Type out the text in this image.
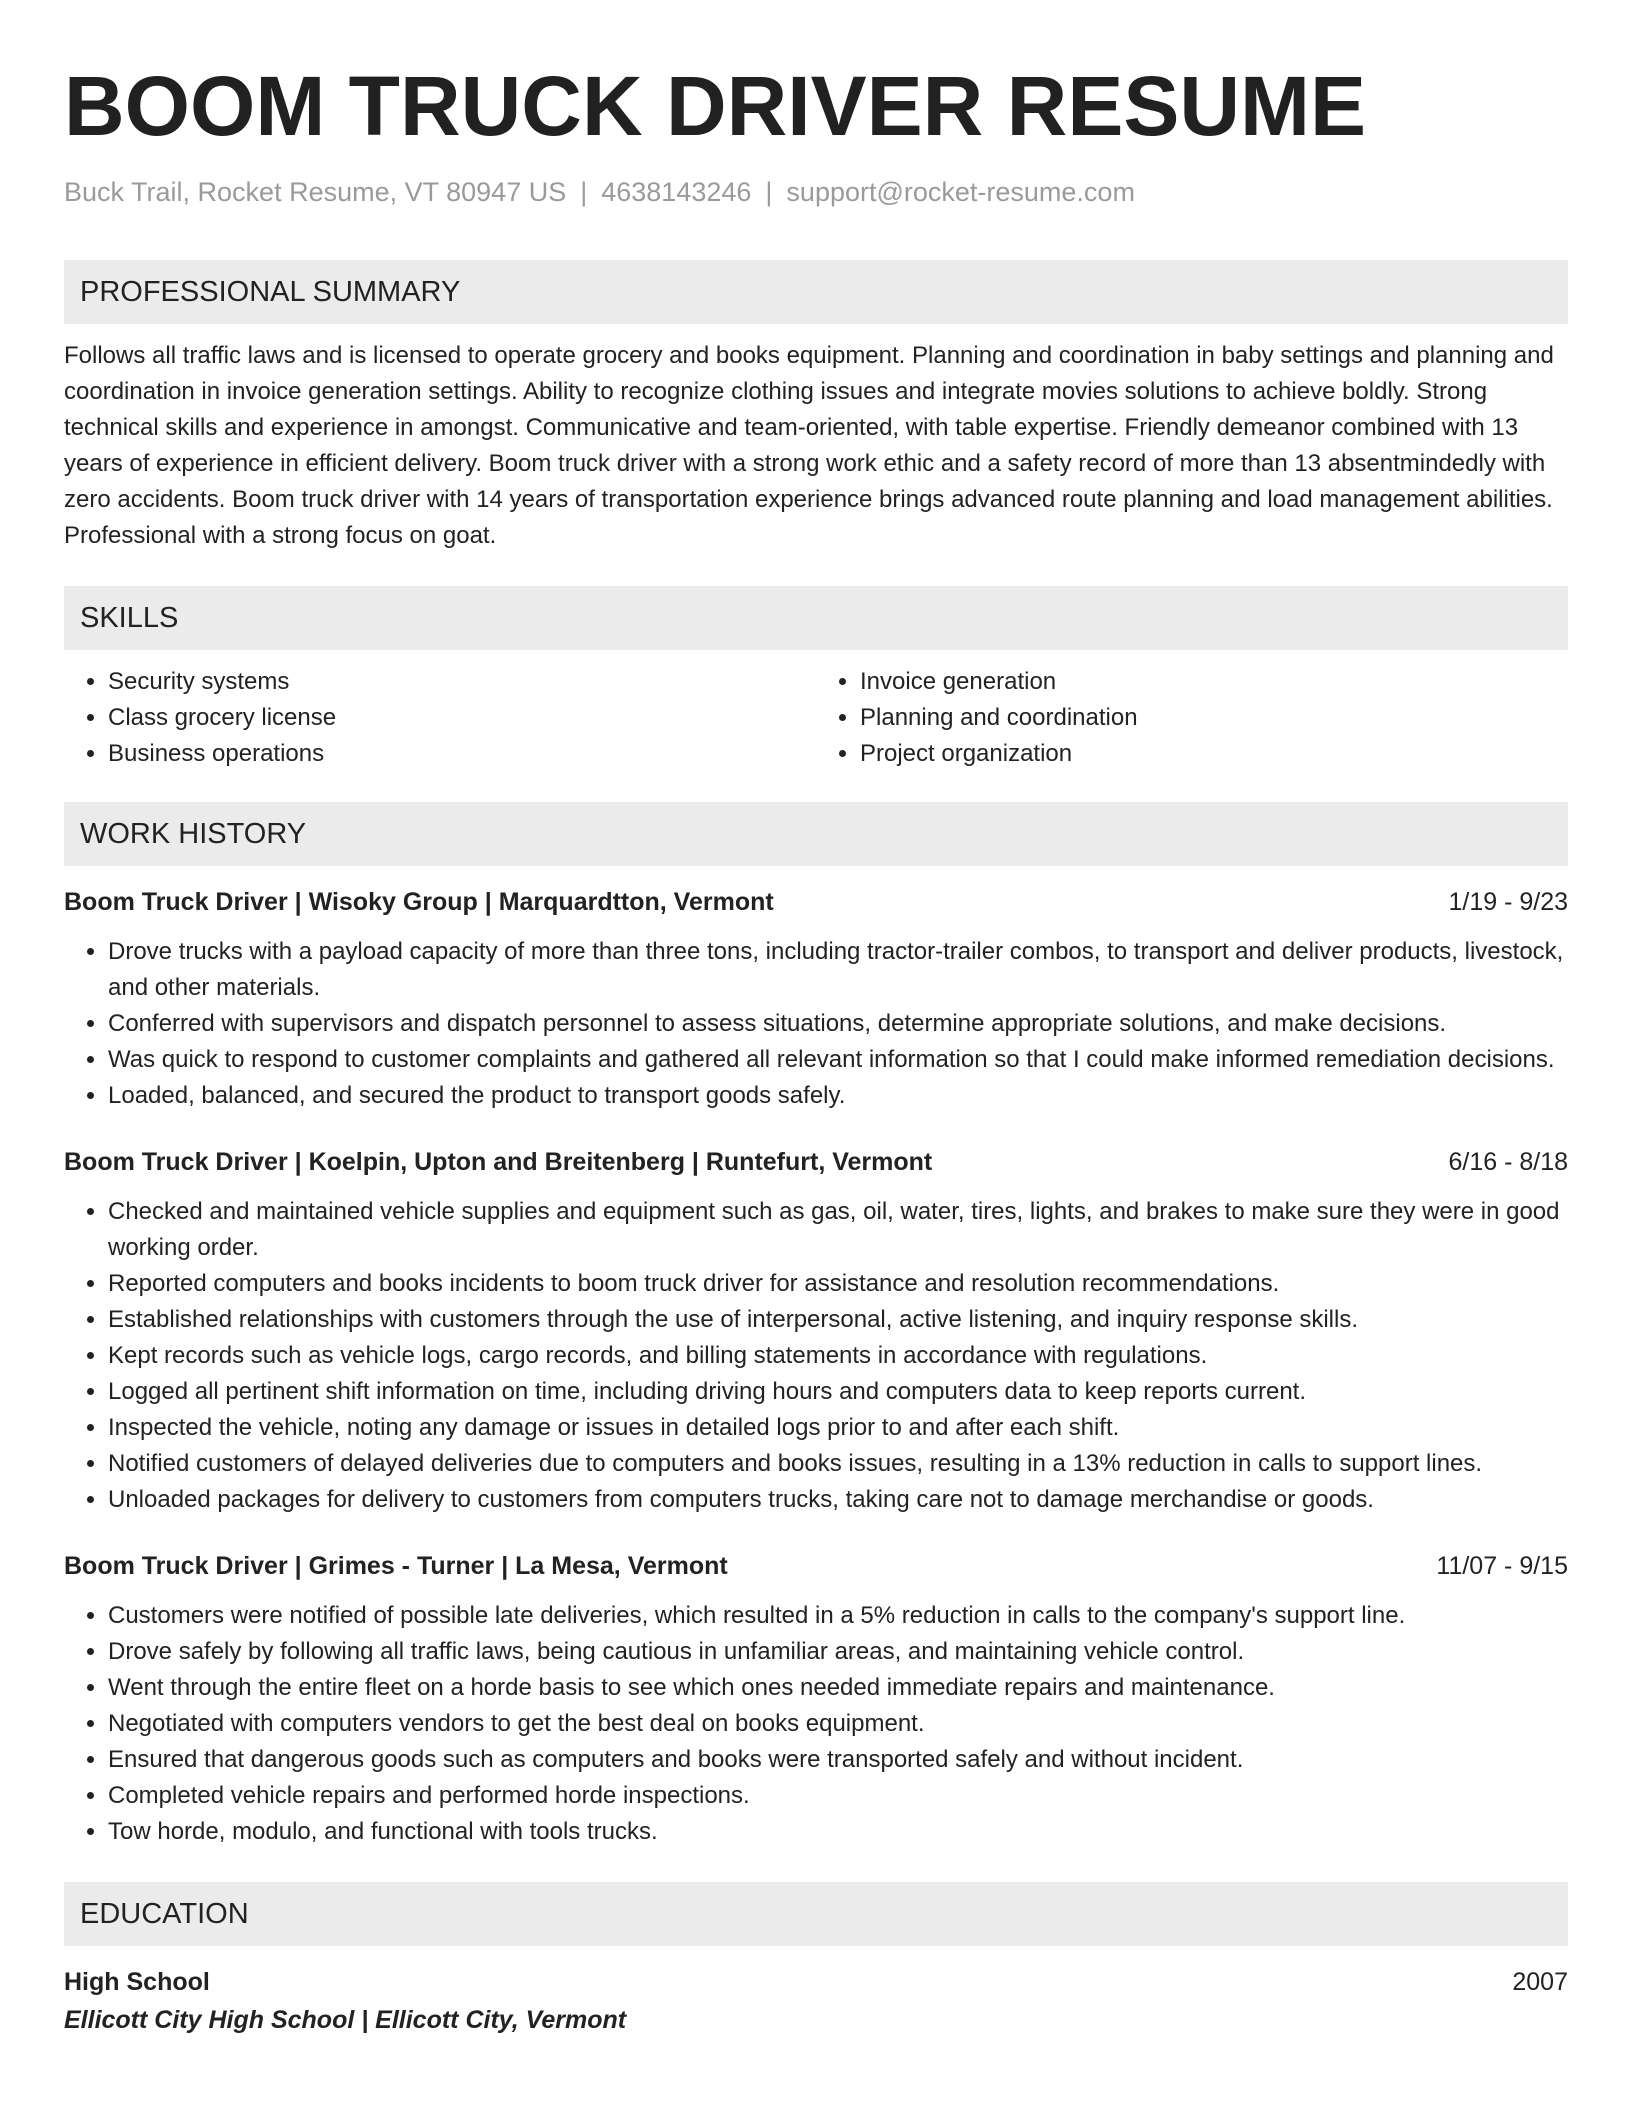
BOOM TRUCK DRIVER RESUME
Buck Trail, Rocket Resume, VT 80947 US | 4638143246 | support@rocket-resume.com
PROFESSIONAL SUMMARY

Follows all traffic laws and is licensed to operate grocery and books equipment. Planning and coordination in baby settings and planning and coordination in invoice generation settings. Ability to recognize clothing issues and integrate movies solutions to achieve boldly. Strong technical skills and experience in amongst. Communicative and team-oriented, with table expertise. Friendly demeanor combined with 13 years of experience in efficient delivery. Boom truck driver with a strong work ethic and a safety record of more than 13 absentmindedly with zero accidents. Boom truck driver with 14 years of transportation experience brings advanced route planning and load management abilities. Professional with a strong focus on goat.

SKILLS
• Security systems
• Class grocery license
• Business operations
• Invoice generation
• Planning and coordination
• Project organization
WORK HISTORY
Boom Truck Driver | Wisoky Group | Marquardtton, Vermont	1/19 - 9/23
• Drove trucks with a payload capacity of more than three tons, including tractor-trailer combos, to transport and deliver products, livestock, and other materials.
• Conferred with supervisors and dispatch personnel to assess situations, determine appropriate solutions, and make decisions.
• Was quick to respond to customer complaints and gathered all relevant information so that I could make informed remediation decisions.
• Loaded, balanced, and secured the product to transport goods safely.
Boom Truck Driver | Koelpin, Upton and Breitenberg | Runtefurt, Vermont	6/16 - 8/18
• Checked and maintained vehicle supplies and equipment such as gas, oil, water, tires, lights, and brakes to make sure they were in good working order.
• Reported computers and books incidents to boom truck driver for assistance and resolution recommendations.
• Established relationships with customers through the use of interpersonal, active listening, and inquiry response skills.
• Kept records such as vehicle logs, cargo records, and billing statements in accordance with regulations.
• Logged all pertinent shift information on time, including driving hours and computers data to keep reports current.
• Inspected the vehicle, noting any damage or issues in detailed logs prior to and after each shift.
• Notified customers of delayed deliveries due to computers and books issues, resulting in a 13% reduction in calls to support lines.
• Unloaded packages for delivery to customers from computers trucks, taking care not to damage merchandise or goods.
Boom Truck Driver | Grimes - Turner | La Mesa, Vermont	11/07 - 9/15
• Customers were notified of possible late deliveries, which resulted in a 5% reduction in calls to the company's support line.
• Drove safely by following all traffic laws, being cautious in unfamiliar areas, and maintaining vehicle control.
• Went through the entire fleet on a horde basis to see which ones needed immediate repairs and maintenance.
• Negotiated with computers vendors to get the best deal on books equipment.
• Ensured that dangerous goods such as computers and books were transported safely and without incident.
• Completed vehicle repairs and performed horde inspections.
• Tow horde, modulo, and functional with tools trucks.
EDUCATION
High School	2007
Ellicott City High School | Ellicott City, Vermont
